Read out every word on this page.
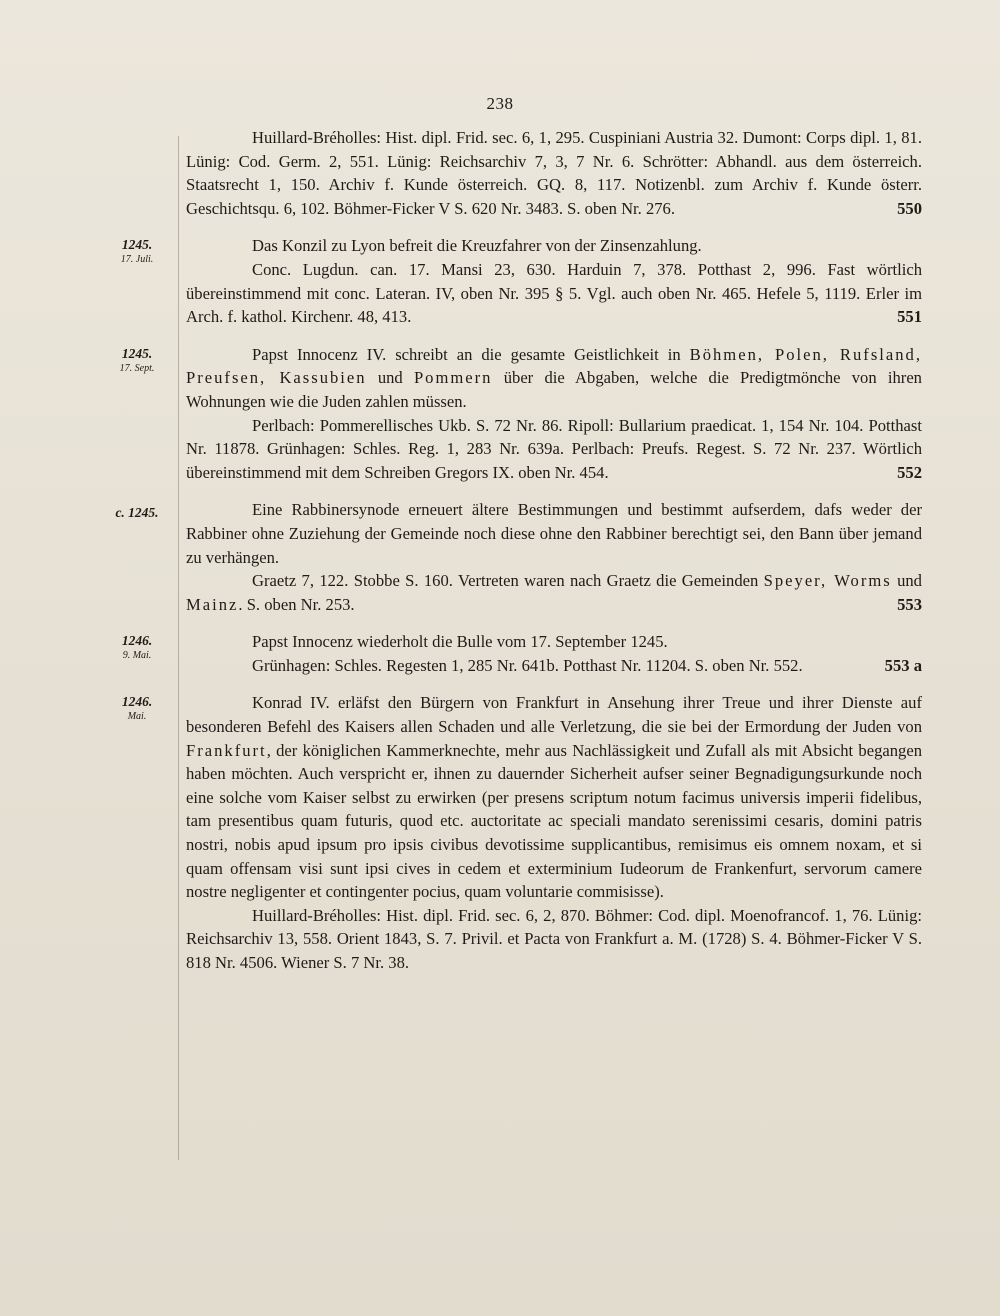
238

Huillard-Bréholles: Hist. dipl. Frid. sec. 6, 1, 295. Cuspiniani Austria 32. Dumont: Corps dipl. 1, 81. Lünig: Cod. Germ. 2, 551. Lünig: Reichsarchiv 7, 3, 7 Nr. 6. Schrötter: Abhandl. aus dem österreich. Staatsrecht 1, 150. Archiv f. Kunde österreich. GQ. 8, 117. Notizenbl. zum Archiv f. Kunde österr. Geschichtsqu. 6, 102. Böhmer-Ficker V S. 620 Nr. 3483. S. oben Nr. 276.	550

1245.
17. Juli.

Das Konzil zu Lyon befreit die Kreuzfahrer von der Zinsenzahlung.

Conc. Lugdun. can. 17. Mansi 23, 630. Harduin 7, 378. Potthast 2, 996. Fast wörtlich übereinstimmend mit conc. Lateran. IV, oben Nr. 395 § 5. Vgl. auch oben Nr. 465. Hefele 5, 1119. Erler im Arch. f. kathol. Kirchenr. 48, 413.	551

1245.
17. Sept.

Papst Innocenz IV. schreibt an die gesamte Geistlichkeit in Böhmen, Polen, Rufsland, Preufsen, Kassubien und Pommern über die Abgaben, welche die Predigtmönche von ihren Wohnungen wie die Juden zahlen müssen.

Perlbach: Pommerellisches Ukb. S. 72 Nr. 86. Ripoll: Bullarium praedicat. 1, 154 Nr. 104. Potthast Nr. 11878. Grünhagen: Schles. Reg. 1, 283 Nr. 639a. Perlbach: Preufs. Regest. S. 72 Nr. 237. Wörtlich übereinstimmend mit dem Schreiben Gregors IX. oben Nr. 454.	552

c. 1245.	Eine Rabbinersynode erneuert ältere Bestimmungen und bestimmt aufserdem, dafs weder der Rabbiner ohne Zuziehung der Gemeinde noch diese ohne den Rabbiner berechtigt sei, den Bann über jemand zu verhängen.

Graetz 7, 122. Stobbe S. 160. Vertreten waren nach Graetz die Gemeinden Speyer, Worms und Mainz. S. oben Nr. 253.	553

1246.
9. Mai.

Papst Innocenz wiederholt die Bulle vom 17. September 1245.

Grünhagen: Schles. Regesten 1, 285 Nr. 641b. Potthast Nr. 11204. S. oben Nr. 552.	553 a

1246.
Mai.

Konrad IV. erläfst den Bürgern von Frankfurt in Ansehung ihrer Treue und ihrer Dienste auf besonderen Befehl des Kaisers allen Schaden und alle Verletzung, die sie bei der Ermordung der Juden von Frankfurt, der königlichen Kammerknechte, mehr aus Nachlässigkeit und Zufall als mit Absicht begangen haben möchten. Auch verspricht er, ihnen zu dauernder Sicherheit aufser seiner Begnadigungsurkunde noch eine solche vom Kaiser selbst zu erwirken (per presens scriptum notum facimus universis imperii fidelibus, tam presentibus quam futuris, quod etc. auctoritate ac speciali mandato serenissimi cesaris, domini patris nostri, nobis apud ipsum pro ipsis civibus devotissime supplicantibus, remisimus eis omnem noxam, et si quam offensam visi sunt ipsi cives in cedem et exterminium Iudeorum de Frankenfurt, servorum camere nostre negligenter et contingenter pocius, quam voluntarie commisisse).

Huillard-Bréholles: Hist. dipl. Frid. sec. 6, 2, 870. Böhmer: Cod. dipl. Moenofrancof. 1, 76. Lünig: Reichsarchiv 13, 558. Orient 1843, S. 7. Privil. et Pacta von Frankfurt a. M. (1728) S. 4. Böhmer-Ficker V S. 818 Nr. 4506. Wiener S. 7 Nr. 38.
